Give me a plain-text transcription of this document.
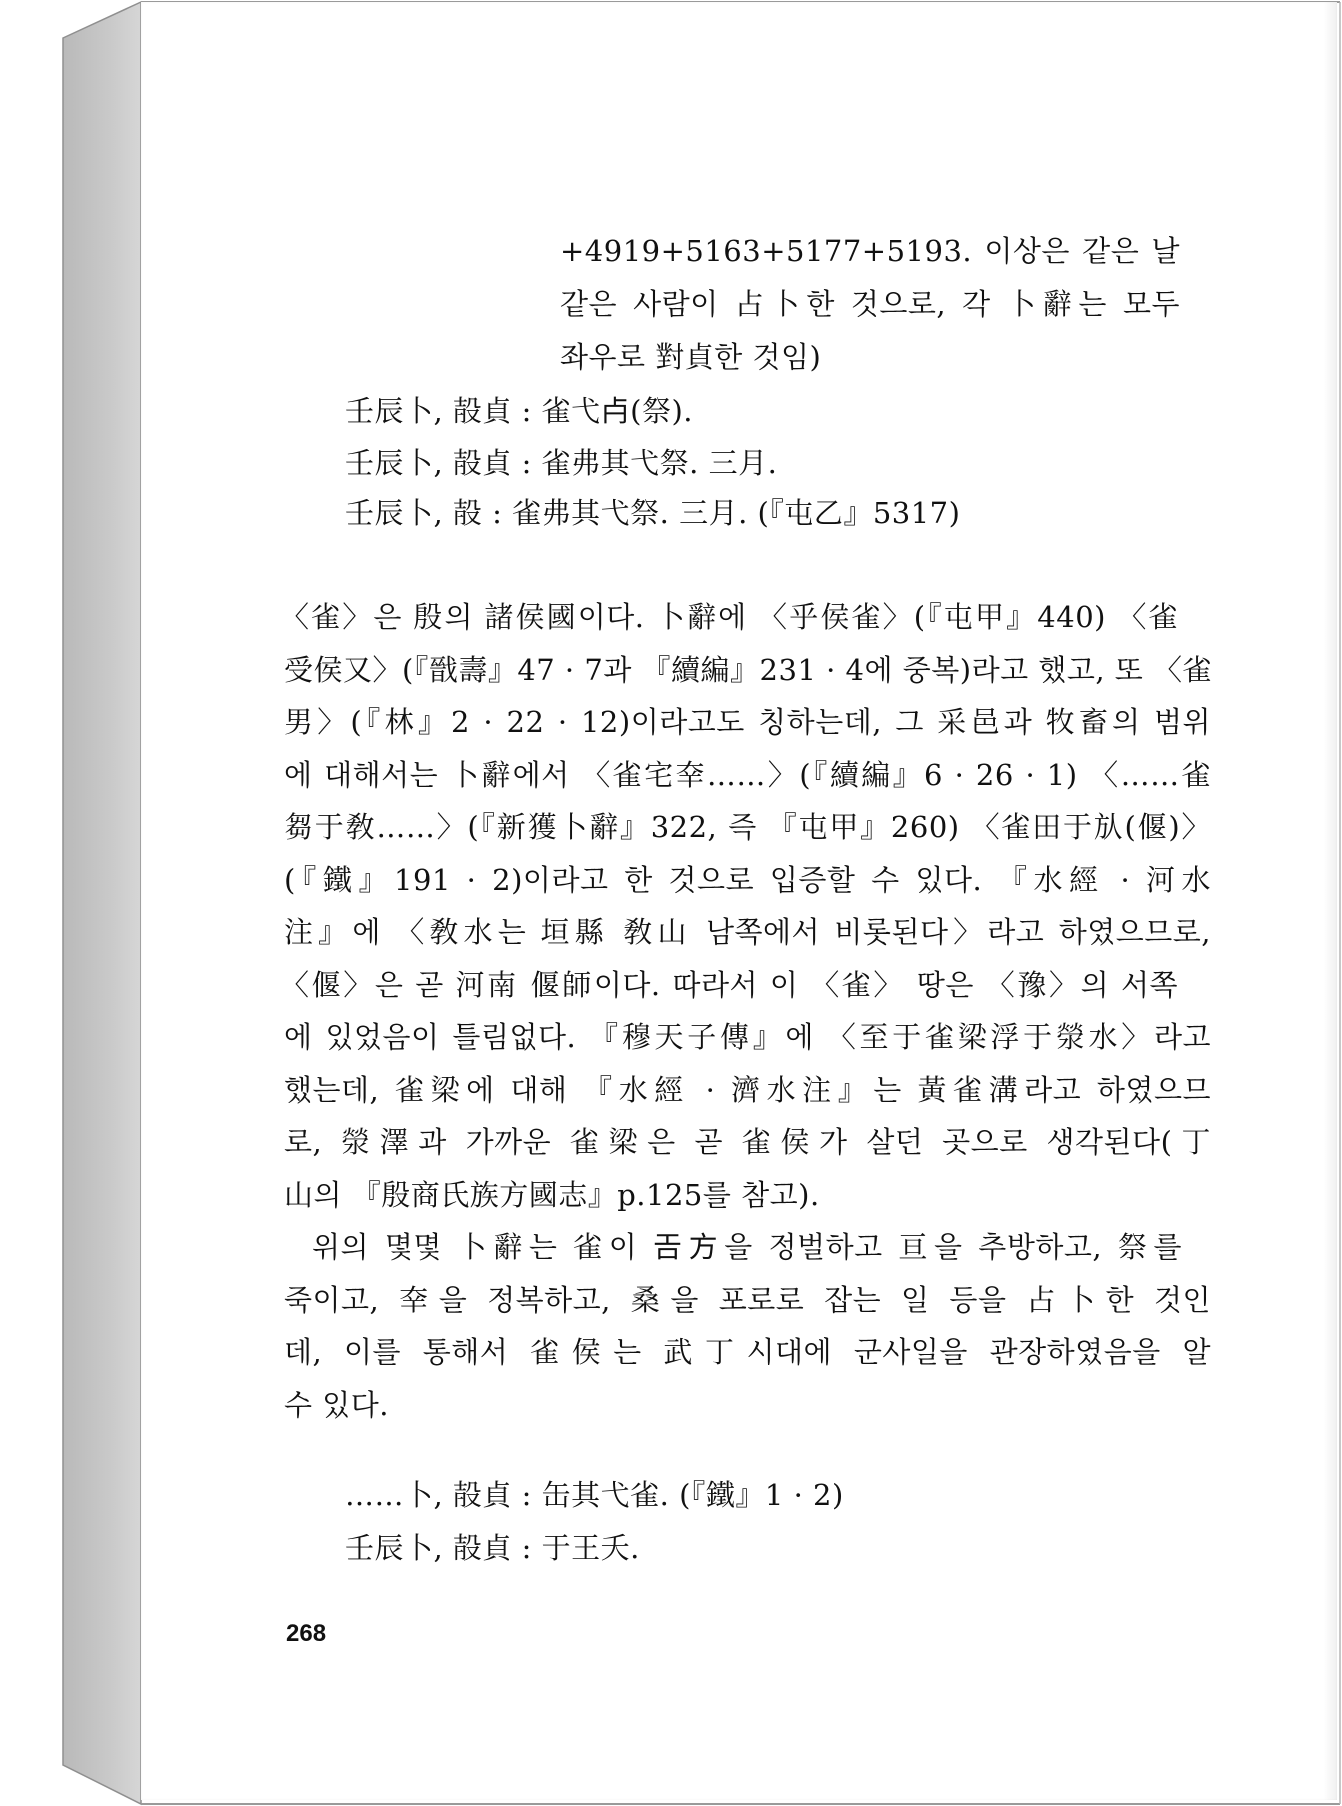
+4919+5163+5177+5193. 이상은 같은 날
같은 사람이 占卜한 것으로, 각 卜辭는 모두
좌우로 對貞한 것임)
壬辰卜, 㱿貞 : 雀弋𣦵(祭).
壬辰卜, 㱿貞 : 雀弗其弋祭. 三月.
壬辰卜, 㱿 : 雀弗其弋祭. 三月. (『屯乙』5317)
〈雀〉은 殷의 諸侯國이다. 卜辭에 〈乎侯雀〉(『屯甲』440) 〈雀
受侯又〉(『戩壽』47 · 7과 『續編』231 · 4에 중복)라고 했고, 또 〈雀
男〉(『林』2 · 22 · 12)이라고도 칭하는데, 그 采邑과 牧畜의 범위
에 대해서는 卜辭에서 〈雀宅㚔……〉(『續編』6 · 26 · 1) 〈……雀
芻于敎……〉(『新獲卜辭』322, 즉 『屯甲』260) 〈雀田于㫃(偃)〉
(『鐵』191 · 2)이라고 한 것으로 입증할 수 있다. 『水經 · 河水
注』에 〈敎水는 垣縣 敎山 남쪽에서 비롯된다〉라고 하였으므로,
〈偃〉은 곧 河南 偃師이다. 따라서 이 〈雀〉 땅은 〈豫〉의 서쪽
에 있었음이 틀림없다. 『穆天子傳』에 〈至于雀梁浮于滎水〉라고
했는데, 雀梁에 대해 『水經 · 濟水注』는 黃雀溝라고 하였으므
로, 滎澤과 가까운 雀梁은 곧 雀侯가 살던 곳으로 생각된다(丁
山의 『殷商氏族方國志』p.125를 참고).
위의 몇몇 卜辭는 雀이 𢀛方을 정벌하고 亘을 추방하고, 祭를
죽이고, 㚔을 정복하고, 桑을 포로로 잡는 일 등을 占卜한 것인
데, 이를 통해서 雀侯는 武丁시대에 군사일을 관장하였음을 알
수 있다.
……卜, 㱿貞 : 缶其弋雀. (『鐵』1 · 2)
壬辰卜, 㱿貞 : 于王夭.
268
